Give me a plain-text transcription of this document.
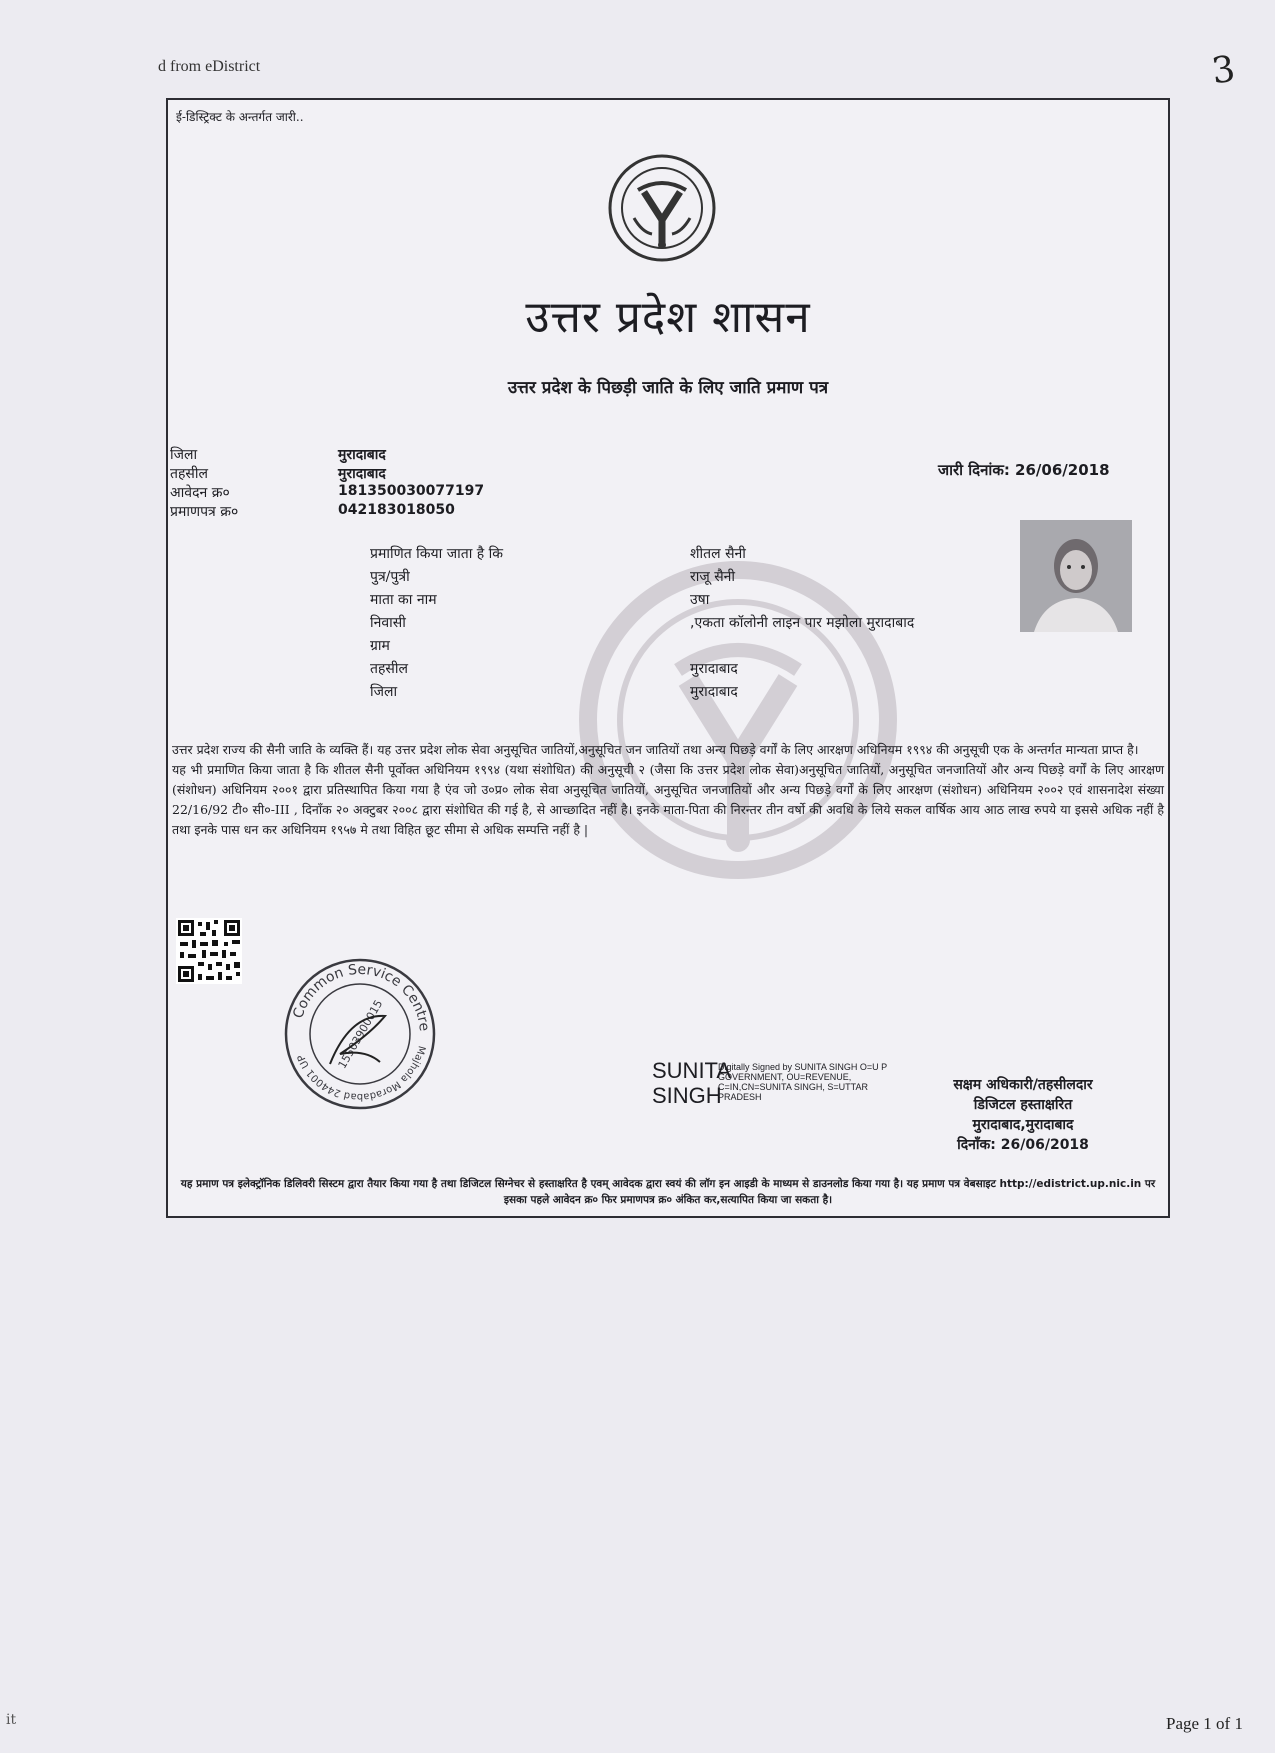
d from eDistrict	3
ई-डिस्ट्रिक्ट के अन्तर्गत जारी..
उत्तर प्रदेश शासन
उत्तर प्रदेश के पिछड़ी जाति के लिए जाति प्रमाण पत्र
जिला	मुरादाबाद
तहसील	मुरादाबाद
आवेदन क्र०	181350030077197
प्रमाणपत्र क्र०	042183018050
जारी दिनांक: 26/06/2018
प्रमाणित किया जाता है कि	शीतल सैनी
पुत्र/पुत्री	राजू सैनी
माता का नाम	उषा
निवासी	,एकता कॉलोनी लाइन पार मझोला मुरादाबाद
ग्राम
तहसील	मुरादाबाद
जिला	मुरादाबाद

उत्तर प्रदेश राज्य की सैनी जाति के व्यक्ति हैं। यह उत्तर प्रदेश लोक सेवा अनुसूचित जातियों,अनुसूचित जन जातियों तथा अन्य पिछड़े वर्गों के लिए आरक्षण अधिनियम १९९४ की अनुसूची एक के अन्तर्गत मान्यता प्राप्त है।

यह भी प्रमाणित किया जाता है कि शीतल सैनी पूर्वोक्त अधिनियम १९९४ (यथा संशोधित) की अनुसूची २ (जैसा कि उत्तर प्रदेश लोक सेवा)अनुसूचित जातियों, अनुसूचित जनजातियों और अन्य पिछड़े वर्गों के लिए आरक्षण (संशोधन) अधिनियम २००१ द्वारा प्रतिस्थापित किया गया है एंव जो उ०प्र० लोक सेवा अनुसूचित जातियों, अनुसूचित जनजातियों और अन्य पिछड़े वर्गों के लिए आरक्षण (संशोधन) अधिनियम २००२ एवं शासनादेश संख्या 22/16/92 टी० सी०-III , दिनाँक २० अक्टुबर २००८ द्वारा संशोधित की गई है, से आच्छादित नहीं है। इनके माता-पिता की निरन्तर तीन वर्षो की अवधि के लिये सकल वार्षिक आय आठ लाख रुपये या इससे अधिक नहीं है तथा इनके पास धन कर अधिनियम १९५७ मे तथा विहित छूट सीमा से अधिक सम्पत्ति नहीं है |

Common Service Centre
Majhola Moradabad 244001 UP	15503900015	SUNITA SINGH
Digitally Signed by SUNITA SINGH O=U P GOVERNMENT, OU=REVENUE, C=IN,CN=SUNITA SINGH, S=UTTAR PRADESH
सक्षम अधिकारी/तहसीलदार
डिजिटल हस्ताक्षरित
मुरादाबाद,मुरादाबाद
दिनाँक: 26/06/2018
यह प्रमाण पत्र इलेक्ट्रॉनिक डिलिवरी सिस्टम द्वारा तैयार किया गया है तथा डिजिटल सिग्नेचर से हस्ताक्षरित है एवम् आवेदक द्वारा स्वयं की लॉग इन आइडी के माध्यम से डाउनलोड किया गया है। यह प्रमाण पत्र वेबसाइट http://edistrict.up.nic.in पर इसका पहले आवेदन क्र० फिर प्रमाणपत्र क्र० अंकित कर,सत्यापित किया जा सकता है।
it	Page 1 of 1
